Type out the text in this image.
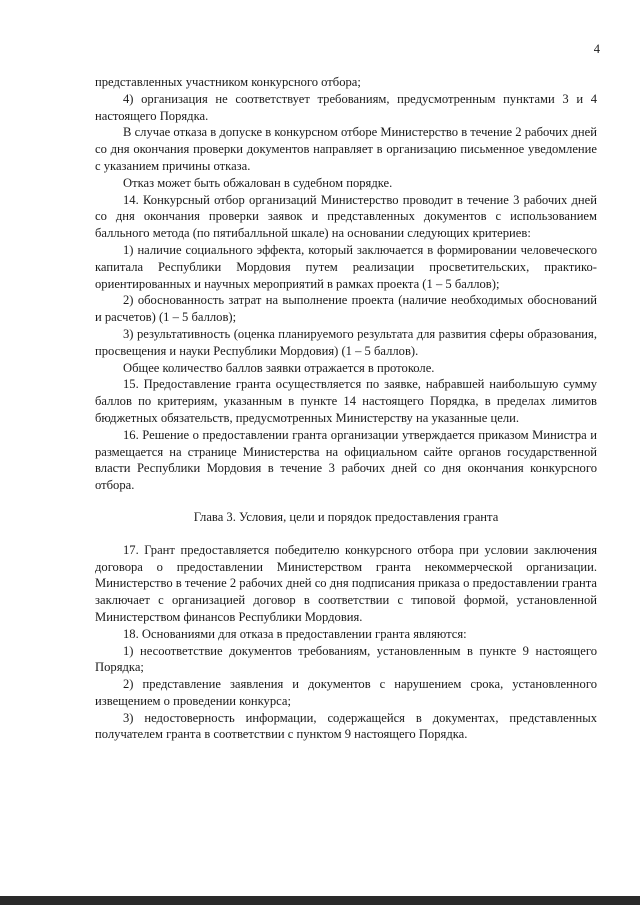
4

представленных участником конкурсного отбора;

4) организация не соответствует требованиям, предусмотренным пунктами 3 и 4 настоящего Порядка.

В случае отказа в допуске в конкурсном отборе Министерство в течение 2 рабочих дней со дня окончания проверки документов направляет в организацию письменное уведомление с указанием причины отказа.

Отказ может быть обжалован в судебном порядке.

14. Конкурсный отбор организаций Министерство проводит в течение 3 рабочих дней со дня окончания проверки заявок и представленных документов с использованием балльного метода (по пятибалльной шкале) на основании следующих критериев:

1) наличие социального эффекта, который заключается в формировании человеческого капитала Республики Мордовия путем реализации просветительских, практико-ориентированных и научных мероприятий в рамках проекта (1 – 5 баллов);

2) обоснованность затрат на выполнение проекта (наличие необходимых обоснований и расчетов) (1 – 5 баллов);

3) результативность (оценка планируемого результата для развития сферы образования, просвещения и науки Республики Мордовия) (1 – 5 баллов).

Общее количество баллов заявки отражается в протоколе.

15. Предоставление гранта осуществляется по заявке, набравшей наибольшую сумму баллов по критериям, указанным в пункте 14 настоящего Порядка, в пределах лимитов бюджетных обязательств, предусмотренных Министерству на указанные цели.

16. Решение о предоставлении гранта организации утверждается приказом Министра и размещается на странице Министерства на официальном сайте органов государственной власти Республики Мордовия в течение 3 рабочих дней со дня окончания конкурсного отбора.

Глава 3. Условия, цели и порядок предоставления гранта

17. Грант предоставляется победителю конкурсного отбора при условии заключения договора о предоставлении Министерством гранта некоммерческой организации. Министерство в течение 2 рабочих дней со дня подписания приказа о предоставлении гранта заключает с организацией договор в соответствии с типовой формой, установленной Министерством финансов Республики Мордовия.

18. Основаниями для отказа в предоставлении гранта являются:

1) несоответствие документов требованиям, установленным в пункте 9 настоящего Порядка;

2) представление заявления и документов с нарушением срока, установленного извещением о проведении конкурса;

3) недостоверность информации, содержащейся в документах, представленных получателем гранта в соответствии с пунктом 9 настоящего Порядка.
